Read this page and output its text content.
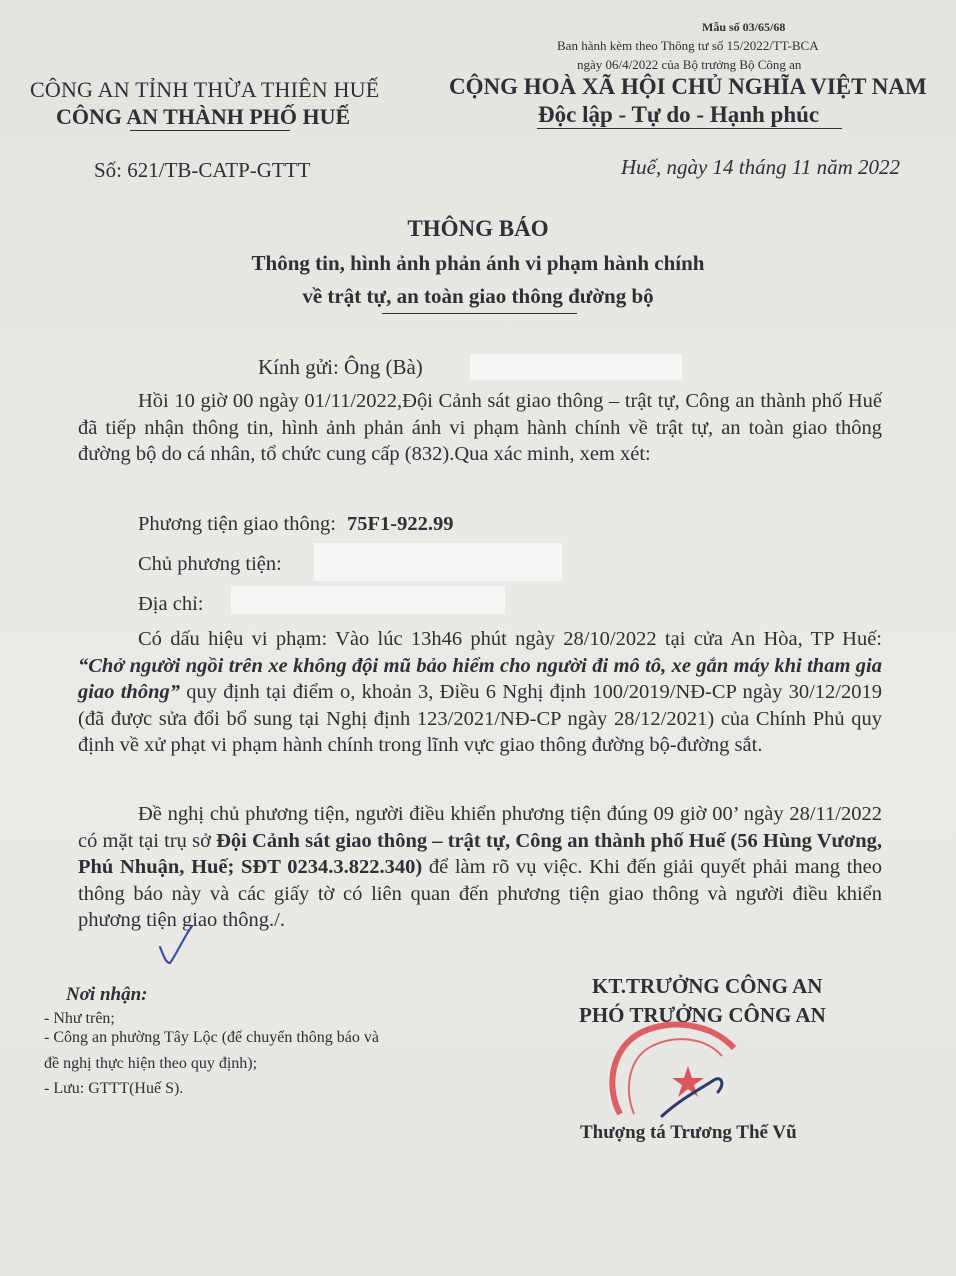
Mẫu số 03/65/68
Ban hành kèm theo Thông tư số 15/2022/TT-BCA
ngày 06/4/2022 của Bộ trưởng Bộ Công an
CÔNG AN TỈNH THỪA THIÊN HUẾ
CÔNG AN THÀNH PHỐ HUẾ
CỘNG HOÀ XÃ HỘI CHỦ NGHĨA VIỆT NAM
Độc lập - Tự do - Hạnh phúc
Số: 621/TB-CATP-GTTT	Huế, ngày 14 tháng 11 năm 2022
THÔNG BÁO
Thông tin, hình ảnh phản ánh vi phạm hành chính
về trật tự, an toàn giao thông đường bộ
Kính gửi: Ông (Bà)

Hồi 10 giờ 00 ngày 01/11/2022,Đội Cảnh sát giao thông – trật tự, Công an thành phố Huế đã tiếp nhận thông tin, hình ảnh phản ánh vi phạm hành chính về trật tự, an toàn giao thông đường bộ do cá nhân, tổ chức cung cấp (832).Qua xác minh, xem xét:

Phương tiện giao thông: 75F1-922.99
Chủ phương tiện:
Địa chỉ:

Có dấu hiệu vi phạm: Vào lúc 13h46 phút ngày 28/10/2022 tại cửa An Hòa, TP Huế: “Chở người ngồi trên xe không đội mũ bảo hiểm cho người đi mô tô, xe gắn máy khi tham gia giao thông” quy định tại điểm o, khoản 3, Điều 6 Nghị định 100/2019/NĐ-CP ngày 30/12/2019 (đã được sửa đổi bổ sung tại Nghị định 123/2021/NĐ-CP ngày 28/12/2021) của Chính Phủ quy định về xử phạt vi phạm hành chính trong lĩnh vực giao thông đường bộ-đường sắt.

Đề nghị chủ phương tiện, người điều khiển phương tiện đúng 09 giờ 00’ ngày 28/11/2022 có mặt tại trụ sở Đội Cảnh sát giao thông – trật tự, Công an thành phố Huế (56 Hùng Vương, Phú Nhuận, Huế; SĐT 0234.3.822.340) để làm rõ vụ việc. Khi đến giải quyết phải mang theo thông báo này và các giấy tờ có liên quan đến phương tiện giao thông và người điều khiển phương tiện giao thông./.

Nơi nhận:
- Như trên;
- Công an phường Tây Lộc (để chuyển thông báo và
đề nghị thực hiện theo quy định);
- Lưu: GTTT(Huế S).
KT.TRƯỞNG CÔNG AN
PHÓ TRƯỞNG CÔNG AN
Thượng tá Trương Thế Vũ
